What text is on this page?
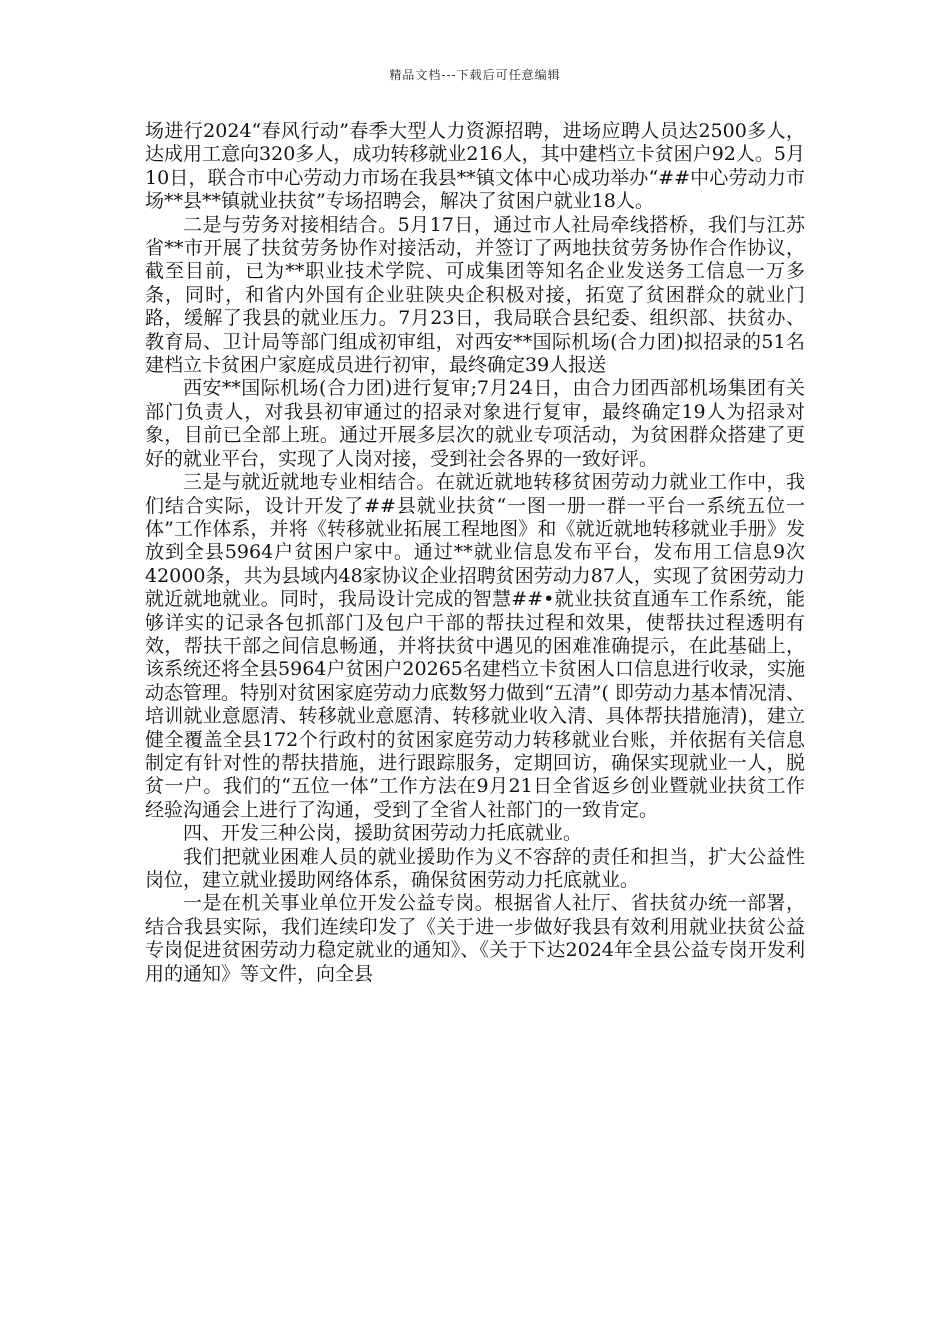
精品文档---下载后可任意编辑

场进行2024“春风行动”春季大型人力资源招聘，进场应聘人员达2500多人，达成用工意向320多人，成功转移就业216人，其中建档立卡贫困户92人。5月10日，联合市中心劳动力市场在我县**镇文体中心成功举办“##中心劳动力市场**县**镇就业扶贫”专场招聘会，解决了贫困户就业18人。

二是与劳务对接相结合。5月17日，通过市人社局牵线搭桥，我们与江苏省**市开展了扶贫劳务协作对接活动，并签订了两地扶贫劳务协作合作协议，截至目前，已为**职业技术学院、可成集团等知名企业发送务工信息一万多条，同时，和省内外国有企业驻陕央企积极对接，拓宽了贫困群众的就业门路，缓解了我县的就业压力。7月23日，我局联合县纪委、组织部、扶贫办、教育局、卫计局等部门组成初审组，对西安**国际机场(合力团)拟招录的51名建档立卡贫困户家庭成员进行初审，最终确定39人报送

西安**国际机场(合力团)进行复审;7月24日，由合力团西部机场集团有关部门负责人，对我县初审通过的招录对象进行复审，最终确定19人为招录对象，目前已全部上班。通过开展多层次的就业专项活动，为贫困群众搭建了更好的就业平台，实现了人岗对接，受到社会各界的一致好评。

三是与就近就地专业相结合。在就近就地转移贫困劳动力就业工作中，我们结合实际，设计开发了##县就业扶贫“一图一册一群一平台一系统五位一体”工作体系，并将《转移就业拓展工程地图》和《就近就地转移就业手册》发放到全县5964户贫困户家中。通过**就业信息发布平台，发布用工信息9次42000条，共为县域内48家协议企业招聘贫困劳动力87人，实现了贫困劳动力就近就地就业。同时，我局设计完成的智慧##•就业扶贫直通车工作系统，能够详实的记录各包抓部门及包户干部的帮扶过程和效果，使帮扶过程透明有效，帮扶干部之间信息畅通，并将扶贫中遇见的困难准确提示，在此基础上，该系统还将全县5964户贫困户20265名建档立卡贫困人口信息进行收录，实施动态管理。特别对贫困家庭劳动力底数努力做到“五清”( 即劳动力基本情况清、培训就业意愿清、转移就业意愿清、转移就业收入清、具体帮扶措施清)，建立健全覆盖全县172个行政村的贫困家庭劳动力转移就业台账，并依据有关信息制定有针对性的帮扶措施，进行跟踪服务，定期回访，确保实现就业一人，脱贫一户。我们的“五位一体”工作方法在9月21日全省返乡创业暨就业扶贫工作经验沟通会上进行了沟通，受到了全省人社部门的一致肯定。

四、开发三种公岗，援助贫困劳动力托底就业。

我们把就业困难人员的就业援助作为义不容辞的责任和担当，扩大公益性岗位，建立就业援助网络体系，确保贫困劳动力托底就业。

一是在机关事业单位开发公益专岗。根据省人社厅、省扶贫办统一部署，结合我县实际，我们连续印发了《关于进一步做好我县有效利用就业扶贫公益专岗促进贫困劳动力稳定就业的通知》、《关于下达2024年全县公益专岗开发利用的通知》等文件，向全县
